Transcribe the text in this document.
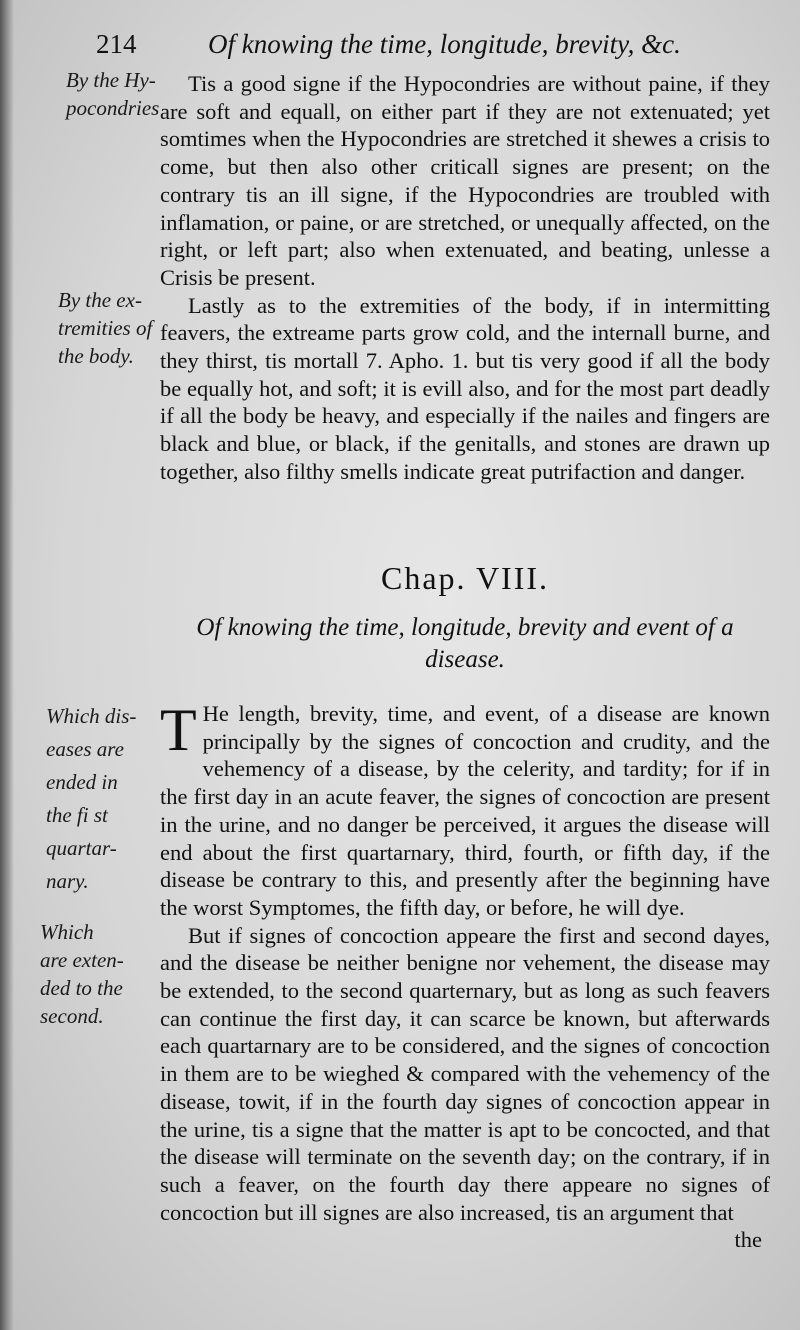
214	Of knowing the time, longitude, brevity, &c.
By the Hy-
pocondries
By the ex-
tremities of
the body.
Which dis-
eases are
ended in
the fi st
quartar-
nary.
Which
are exten-
ded to the
second.

Tis a good signe if the Hypocondries are without paine, if they are soft and equall, on either part if they are not extenuated; yet somtimes when the Hypocondries are stretched it shewes a crisis to come, but then also other criticall signes are present; on the contrary tis an ill signe, if the Hypocondries are troubled with inflamation, or paine, or are stretched, or unequally affected, on the right, or left part; also when extenuated, and beating, unlesse a Crisis be present.

Lastly as to the extremities of the body, if in intermitting feavers, the extreame parts grow cold, and the internall burne, and they thirst, tis mortall 7. Apho. 1. but tis very good if all the body be equally hot, and soft; it is evill also, and for the most part deadly if all the body be heavy, and especially if the nailes and fingers are black and blue, or black, if the genitalls, and stones are drawn up together, also filthy smells indicate great putrifaction and danger.

Chap. VIII.
Of knowing the time, longitude, brevity and event of a disease.

T He length, brevity, time, and event, of a disease are known principally by the signes of concoction and crudity, and the vehemency of a disease, by the celerity, and tardity; for if in the first day in an acute feaver, the signes of concoction are present in the urine, and no danger be perceived, it argues the disease will end about the first quartarnary, third, fourth, or fifth day, if the disease be contrary to this, and presently after the beginning have the worst Symptomes, the fifth day, or before, he will dye.

But if signes of concoction appeare the first and second dayes, and the disease be neither benigne nor vehement, the disease may be extended, to the second quarternary, but as long as such feavers can continue the first day, it can scarce be known, but afterwards each quartarnary are to be considered, and the signes of concoction in them are to be wieghed & compared with the vehemency of the disease, towit, if in the fourth day signes of concoction appear in the urine, tis a signe that the matter is apt to be concocted, and that the disease will terminate on the seventh day; on the contrary, if in such a feaver, on the fourth day there appeare no signes of concoction but ill signes are also increased, tis an argument that

the
